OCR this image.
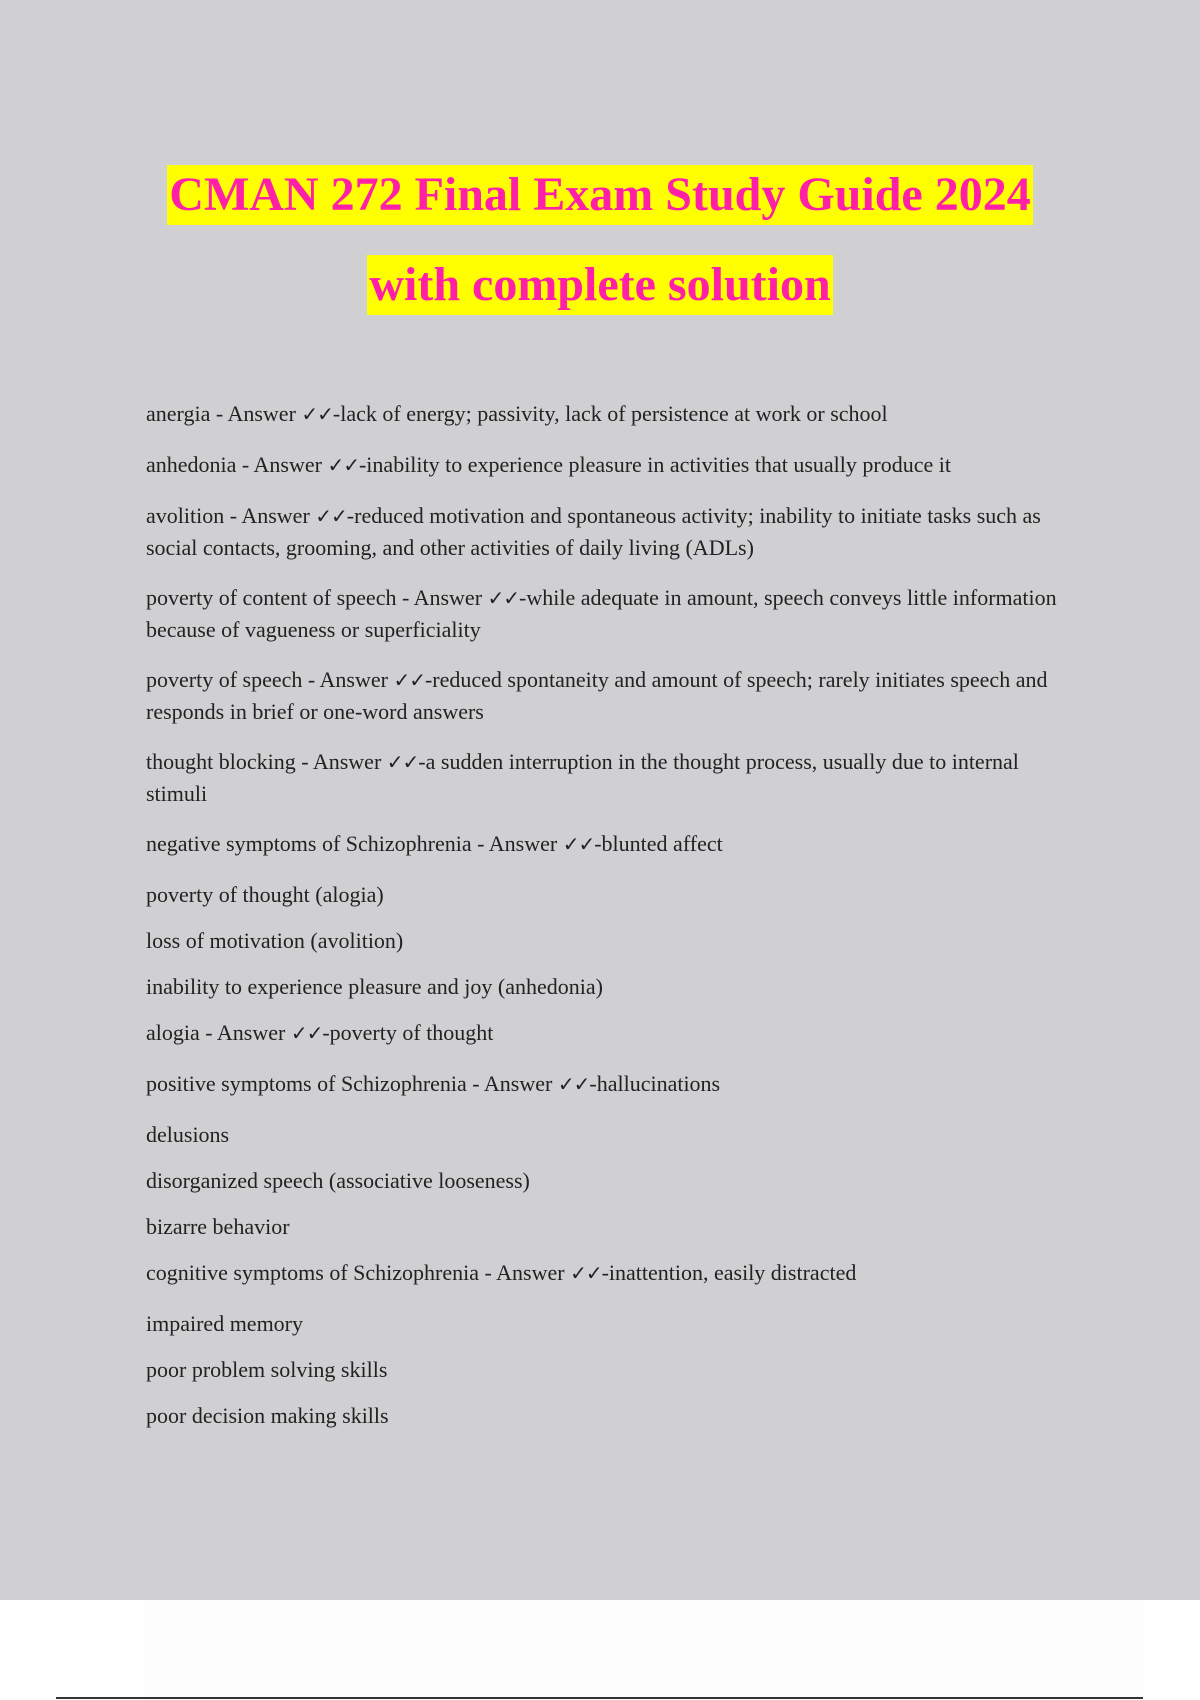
CMAN 272 Final Exam Study Guide 2024
with complete solution

anergia - Answer ✓✓-lack of energy; passivity, lack of persistence at work or school

anhedonia - Answer ✓✓-inability to experience pleasure in activities that usually produce it

avolition - Answer ✓✓-reduced motivation and spontaneous activity; inability to initiate tasks such as social contacts, grooming, and other activities of daily living (ADLs)

poverty of content of speech - Answer ✓✓-while adequate in amount, speech conveys little information because of vagueness or superficiality

poverty of speech - Answer ✓✓-reduced spontaneity and amount of speech; rarely initiates speech and responds in brief or one-word answers

thought blocking - Answer ✓✓-a sudden interruption in the thought process, usually due to internal stimuli

negative symptoms of Schizophrenia - Answer ✓✓-blunted affect

poverty of thought (alogia)

loss of motivation (avolition)

inability to experience pleasure and joy (anhedonia)

alogia - Answer ✓✓-poverty of thought

positive symptoms of Schizophrenia - Answer ✓✓-hallucinations

delusions

disorganized speech (associative looseness)

bizarre behavior

cognitive symptoms of Schizophrenia - Answer ✓✓-inattention, easily distracted

impaired memory

poor problem solving skills

poor decision making skills
